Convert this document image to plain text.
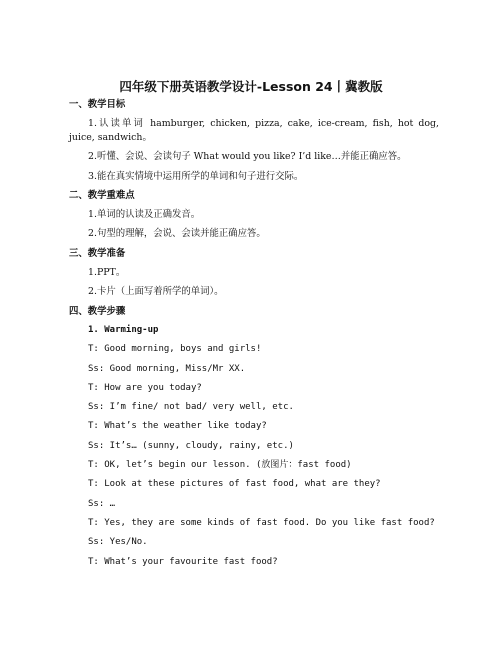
四年级下册英语教学设计-Lesson 24丨冀教版

一、教学目标

1.认读单词 hamburger, chicken, pizza, cake, ice-cream, fish, hot dog, juice, sandwich。

2.听懂、会说、会读句子 What would you like? I’d like…并能正确应答。

3.能在真实情境中运用所学的单词和句子进行交际。

二、教学重难点

1.单词的认读及正确发音。

2.句型的理解，会说、会读并能正确应答。

三、教学准备

1.PPT。

2.卡片（上面写着所学的单词）。

四、教学步骤

1. Warming-up

T: Good morning, boys and girls!

Ss: Good morning, Miss/Mr XX.

T: How are you today?

Ss: I’m fine/ not bad/ very well, etc.

T: What’s the weather like today?

Ss: It’s… (sunny, cloudy, rainy, etc.)

T: OK, let’s begin our lesson. (放图片：fast food)

T: Look at these pictures of fast food, what are they?

Ss: …

T: Yes, they are some kinds of fast food. Do you like fast food?

Ss: Yes/No.

T: What’s your favourite fast food?
